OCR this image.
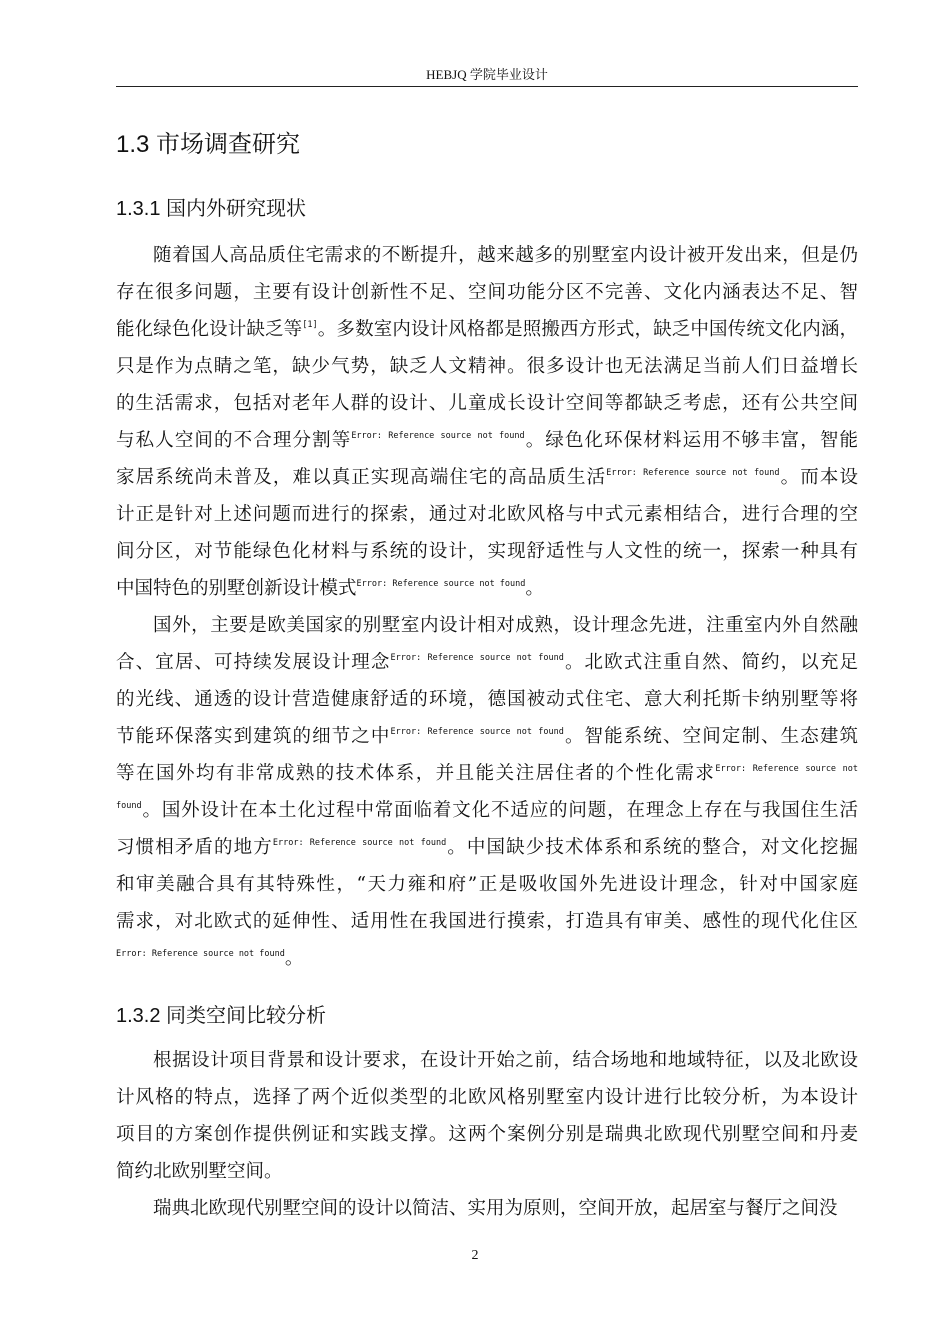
HEBJQ 学院毕业设计
1.3 市场调查研究
1.3.1 国内外研究现状
随着国人高品质住宅需求的不断提升，越来越多的别墅室内设计被开发出来，但是仍
存在很多问题，主要有设计创新性不足、空间功能分区不完善、文化内涵表达不足、智
能化绿色化设计缺乏等[1]。多数室内设计风格都是照搬西方形式，缺乏中国传统文化内涵，
只是作为点睛之笔，缺少气势，缺乏人文精神。很多设计也无法满足当前人们日益增长
的生活需求，包括对老年人群的设计、儿童成长设计空间等都缺乏考虑，还有公共空间
与私人空间的不合理分割等$^{Error: Reference source not found}$。绿色化环保材料运用不够丰富，智能
家居系统尚未普及，难以真正实现高端住宅的高品质生活$^{Error: Reference source not found}$。而本设
计正是针对上述问题而进行的探索，通过对北欧风格与中式元素相结合，进行合理的空
间分区，对节能绿色化材料与系统的设计，实现舒适性与人文性的统一，探索一种具有
中国特色的别墅创新设计模式$^{Error: Reference source not found}$。
国外，主要是欧美国家的别墅室内设计相对成熟，设计理念先进，注重室内外自然融
合、宜居、可持续发展设计理念$^{Error: Reference source not found}$。北欧式注重自然、简约，以充足
的光线、通透的设计营造健康舒适的环境，德国被动式住宅、意大利托斯卡纳别墅等将
节能环保落实到建筑的细节之中$^{Error: Reference source not found}$。智能系统、空间定制、生态建筑
等在国外均有非常成熟的技术体系，并且能关注居住者的个性化需求$^{Error: Reference source not}$
$^{found}$。国外设计在本土化过程中常面临着文化不适应的问题，在理念上存在与我国住生活
习惯相矛盾的地方$^{Error: Reference source not found}$。中国缺少技术体系和系统的整合，对文化挖掘
和审美融合具有其特殊性，“天力雍和府”正是吸收国外先进设计理念，针对中国家庭
需求，对北欧式的延伸性、适用性在我国进行摸索，打造具有审美、感性的现代化住区
$^{Error: Reference source not found}$。
1.3.2 同类空间比较分析
根据设计项目背景和设计要求，在设计开始之前，结合场地和地域特征，以及北欧设
计风格的特点，选择了两个近似类型的北欧风格别墅室内设计进行比较分析，为本设计
项目的方案创作提供例证和实践支撑。这两个案例分别是瑞典北欧现代别墅空间和丹麦
简约北欧别墅空间。
瑞典北欧现代别墅空间的设计以简洁、实用为原则，空间开放，起居室与餐厅之间没
2
